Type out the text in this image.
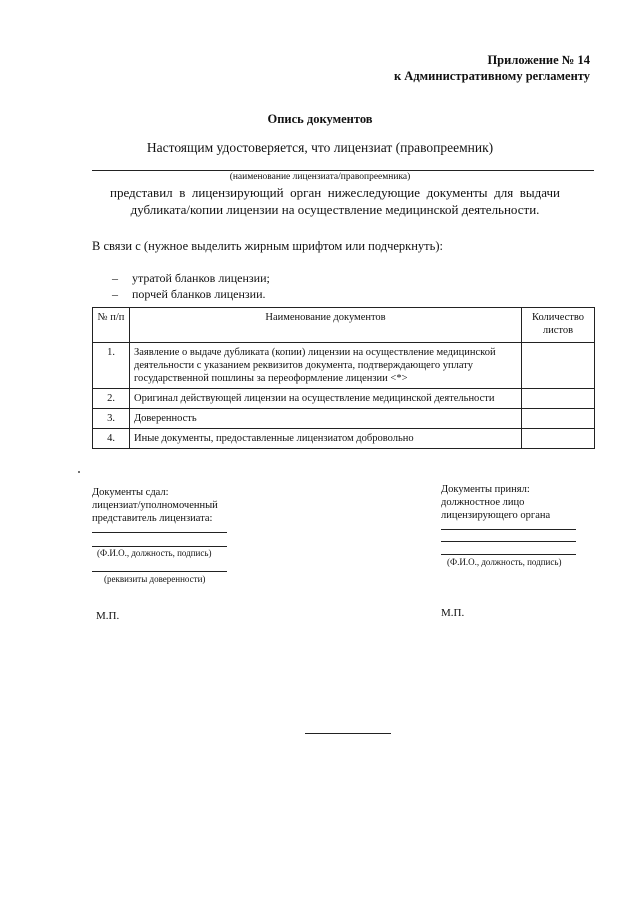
Приложение № 14
к Административному регламенту
Опись документов
Настоящим удостоверяется, что лицензиат (правопреемник)
(наименование лицензиата/правопреемника)
представил в лицензирующий орган нижеследующие документы для выдачи дубликата/копии лицензии на осуществление медицинской деятельности.
В связи с (нужное выделить жирным шрифтом или подчеркнуть):
– утратой бланков лицензии;
– порчей бланков лицензии.
№ п/п	Наименование документов	Количество листов
1.	Заявление о выдаче дубликата (копии) лицензии на осуществление медицинской деятельности с указанием реквизитов документа, подтверждающего уплату государственной пошлины за переоформление лицензии <*>	
2.	Оригинал действующей лицензии на осуществление медицинской деятельности	
3.	Доверенность	
4.	Иные документы, предоставленные лицензиатом добровольно	
Документы сдал:
лицензиат/уполномоченный
представитель лицензиата:
(Ф.И.О., должность, подпись)
(реквизиты доверенности)
М.П.
Документы принял:
должностное лицо
лицензирующего органа
(Ф.И.О., должность, подпись)
М.П.
